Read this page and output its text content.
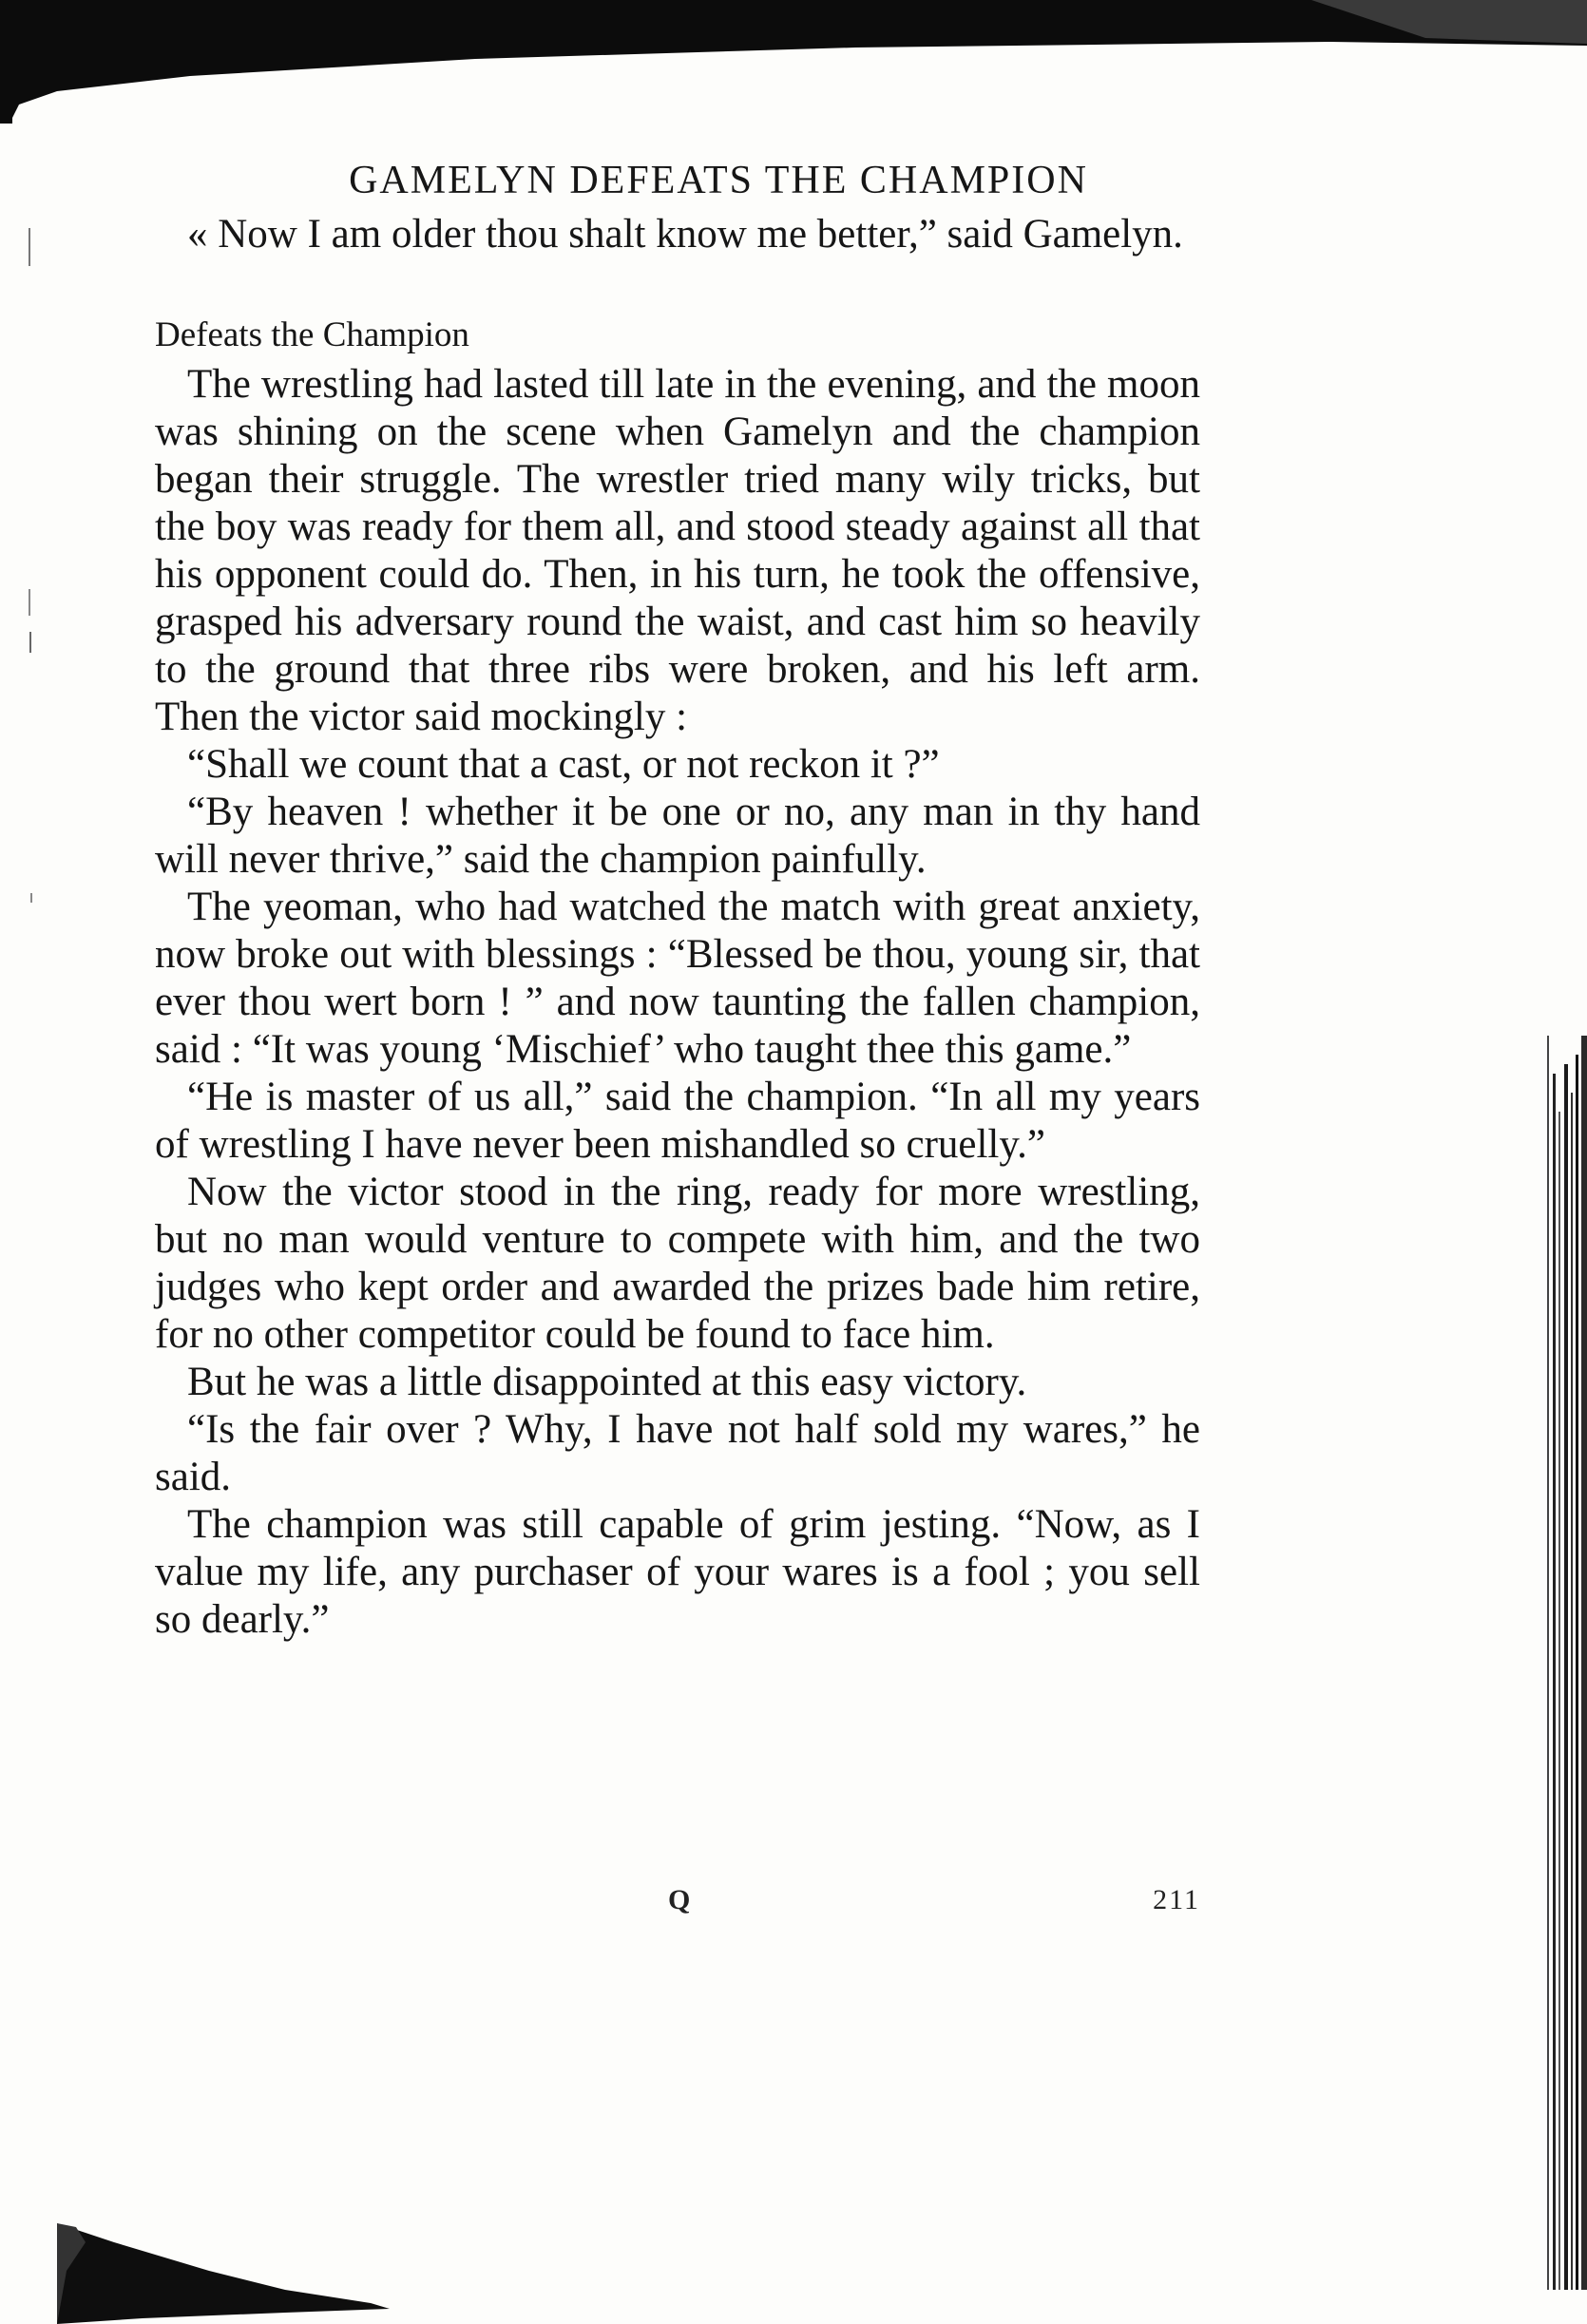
GAMELYN DEFEATS THE CHAMPION

« Now I am older thou shalt know me better,” said Gamelyn.

Defeats the Champion

The wrestling had lasted till late in the evening, and the moon was shining on the scene when Gamelyn and the champion began their struggle. The wrestler tried many wily tricks, but the boy was ready for them all, and stood steady against all that his opponent could do. Then, in his turn, he took the offensive, grasped his adversary round the waist, and cast him so heavily to the ground that three ribs were broken, and his left arm. Then the victor said mockingly :

“Shall we count that a cast, or not reckon it ?”

“By heaven ! whether it be one or no, any man in thy hand will never thrive,” said the champion painfully.

The yeoman, who had watched the match with great anxiety, now broke out with blessings : “Blessed be thou, young sir, that ever thou wert born ! ” and now taunting the fallen champion, said : “It was young ‘Mischief’ who taught thee this game.”

“He is master of us all,” said the champion. “In all my years of wrestling I have never been mishandled so cruelly.”

Now the victor stood in the ring, ready for more wrestling, but no man would venture to compete with him, and the two judges who kept order and awarded the prizes bade him retire, for no other competitor could be found to face him.

But he was a little disappointed at this easy victory.

“Is the fair over ? Why, I have not half sold my wares,” he said.

The champion was still capable of grim jesting. “Now, as I value my life, any purchaser of your wares is a fool ; you sell so dearly.”

Q	211
